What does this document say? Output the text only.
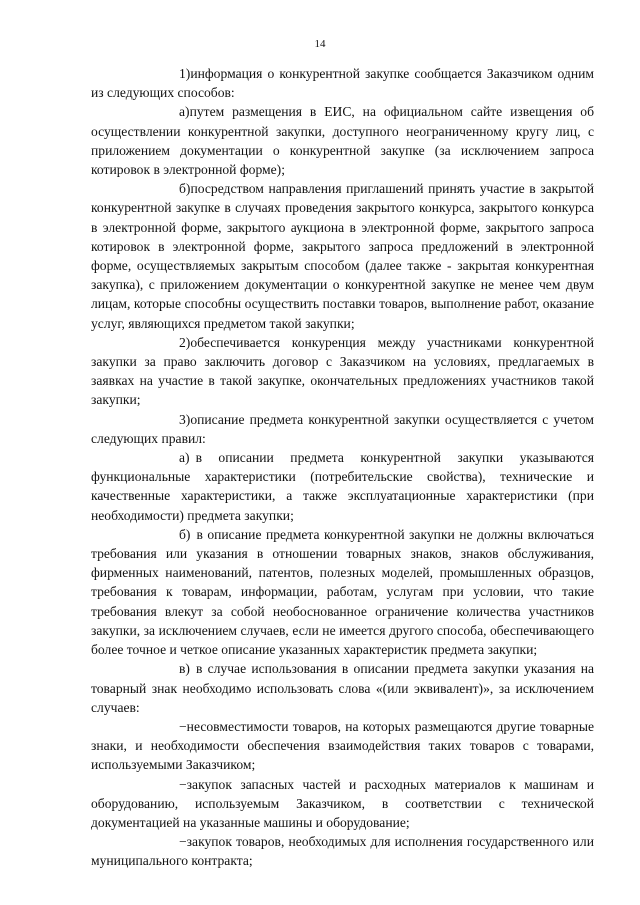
14

1)информация о конкурентной закупке сообщается Заказчиком одним из следующих способов:

а)путем размещения в ЕИС, на официальном сайте извещения об осуществлении конкурентной закупки, доступного неограниченному кругу лиц, с приложением документации о конкурентной закупке (за исключением запроса котировок в электронной форме);

б)посредством направления приглашений принять участие в закрытой конкурентной закупке в случаях проведения закрытого конкурса, закрытого конкурса в электронной форме, закрытого аукциона в электронной форме, закрытого запроса котировок в электронной форме, закрытого запроса предложений в электронной форме, осуществляемых закрытым способом (далее также - закрытая конкурентная закупка), с приложением документации о конкурентной закупке не менее чем двум лицам, которые способны осуществить поставки товаров, выполнение работ, оказание услуг, являющихся предметом такой закупки;

2)обеспечивается конкуренция между участниками конкурентной закупки за право заключить договор с Заказчиком на условиях, предлагаемых в заявках на участие в такой закупке, окончательных предложениях участников такой закупки;

3)описание предмета конкурентной закупки осуществляется с учетом следующих правил:

а) в описании предмета конкурентной закупки указываются функциональные характеристики (потребительские свойства), технические и качественные характеристики, а также эксплуатационные характеристики (при необходимости) предмета закупки;

б) в описание предмета конкурентной закупки не должны включаться требования или указания в отношении товарных знаков, знаков обслуживания, фирменных наименований, патентов, полезных моделей, промышленных образцов, требования к товарам, информации, работам, услугам при условии, что такие требования влекут за собой необоснованное ограничение количества участников закупки, за исключением случаев, если не имеется другого способа, обеспечивающего более точное и четкое описание указанных характеристик предмета закупки;

в) в случае использования в описании предмета закупки указания на товарный знак необходимо использовать слова «(или эквивалент)», за исключением случаев:

−несовместимости товаров, на которых размещаются другие товарные знаки, и необходимости обеспечения взаимодействия таких товаров с товарами, используемыми Заказчиком;

−закупок запасных частей и расходных материалов к машинам и оборудованию, используемым Заказчиком, в соответствии с технической документацией на указанные машины и оборудование;

−закупок товаров, необходимых для исполнения государственного или муниципального контракта;
